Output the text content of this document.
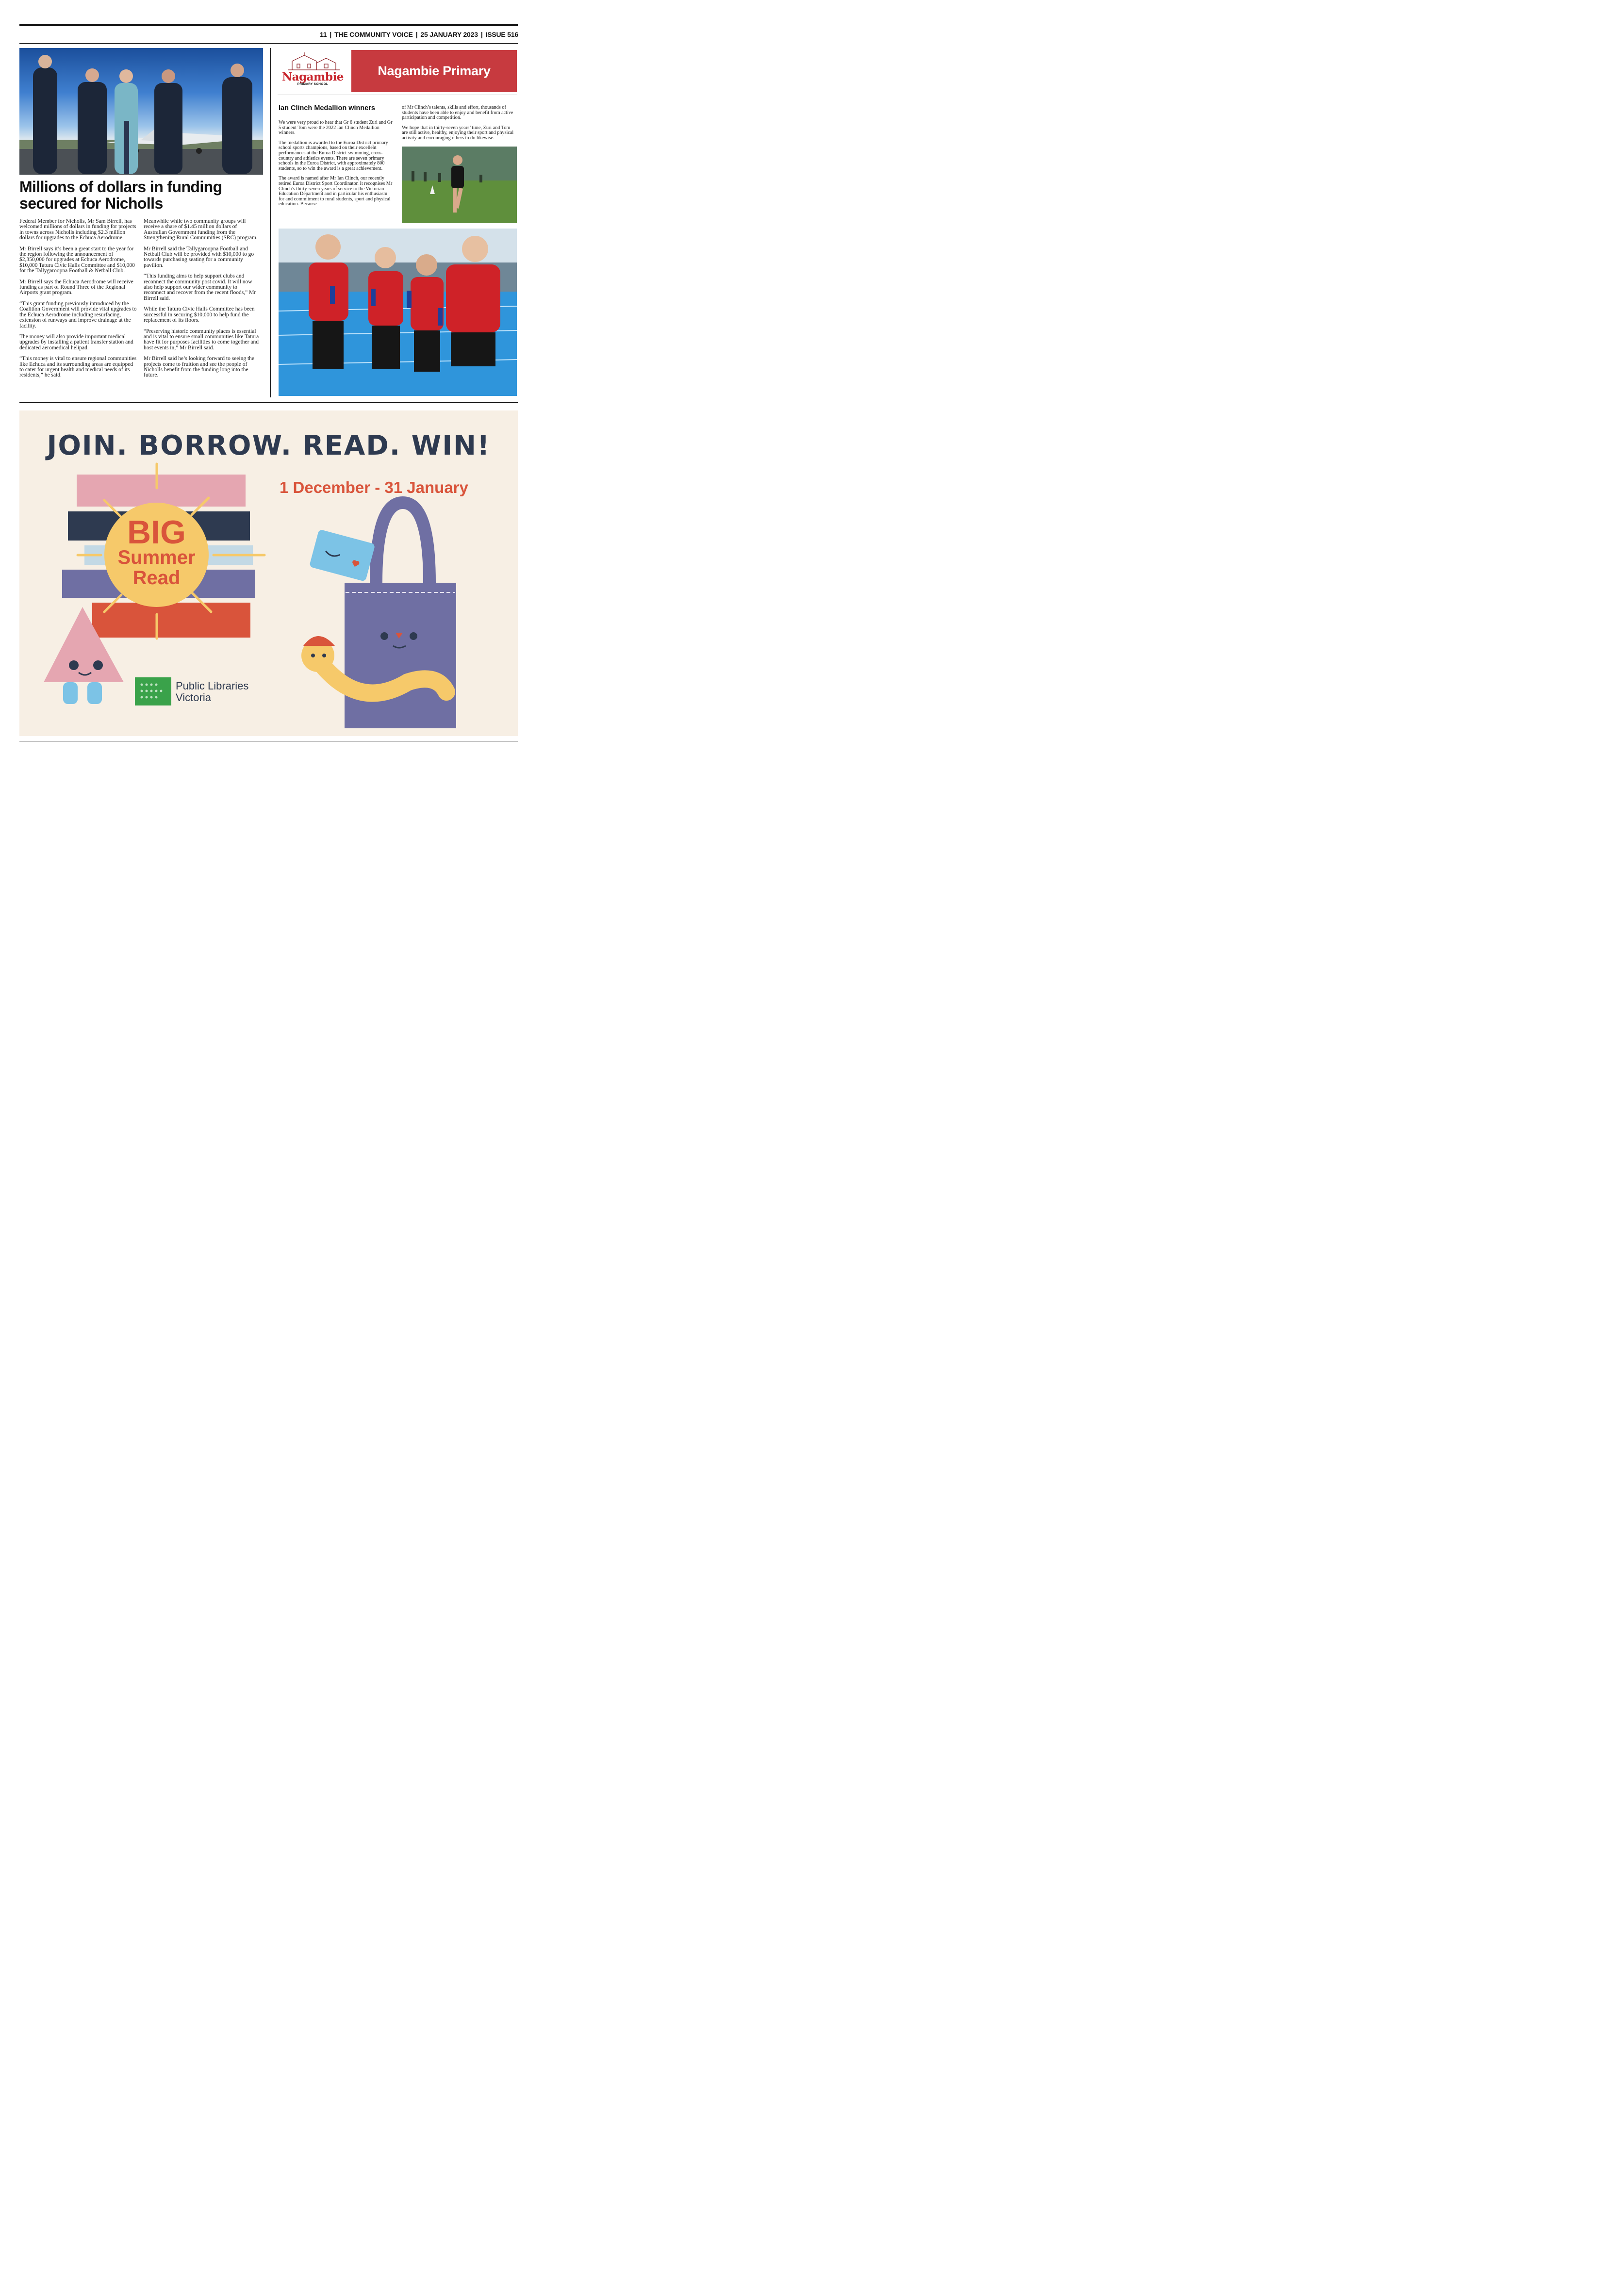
11 | THE COMMUNITY VOICE | 25 JANUARY 2023 | ISSUE 516
Millions of dollars in funding secured for Nicholls

Federal Member for Nicholls, Mr Sam Birrell, has welcomed millions of dollars in funding for projects in towns across Nicholls including $2.3 million dollars for upgrades to the Echuca Aerodrome.

Mr Birrell says it’s been a great start to the year for the region following the announcement of $2,350,000 for upgrades at Echuca Aerodrome, $10,000 Tatura Civic Halls Committee and $10,000 for the Tallygaroopna Football & Netball Club.

Mr Birrell says the Echuca Aerodrome will receive funding as part of Round Three of the Regional Airports grant program.

“This grant funding previously introduced by the Coalition Government will provide vital upgrades to the Echuca Aerodrome including resurfacing, extension of runways and improve drainage at the facility.

The money will also provide important medical upgrades by installing a patient transfer station and dedicated aeromedical helipad.

“This money is vital to ensure regional communities like Echuca and its surrounding areas are equipped to cater for urgent health and medical needs of its residents,” he said.

Meanwhile while two community groups will receive a share of $1.45 million dollars of Australian Government funding from the Strengthening Rural Communities (SRC) program.

Mr Birrell said the Tallygaroopna Football and Netball Club will be provided with $10,000 to go towards purchasing seating for a community pavilion.

“This funding aims to help support clubs and reconnect the community post covid. It will now also help support our wider community to reconnect and recover from the recent floods,” Mr Birrell said.

While the Tatura Civic Halls Committee has been successful in securing $10,000 to help fund the replacement of its floors.

“Preserving historic community places is essential and is vital to ensure small communities like Tatura have fit for purposes facilities to come together and host events in,” Mr Birrell said.

Mr Birrell said he’s looking forward to seeing the projects come to fruition and see the people of Nicholls benefit from the funding long into the future.

Nagambie
PRIMARY SCHOOL
Nagambie Primary
Ian Clinch Medallion winners

We were very proud to hear that Gr 6 student Zuri and Gr 5 student Tom were the 2022 Ian Clinch Medallion winners.

The medallion is awarded to the Euroa District primary school sports champions, based on their excellent performances at the Euroa District swimming, cross-country and athletics events. There are seven primary schools in the Euroa District, with approximately 800 students, so to win the award is a great achievement.

The award is named after Mr Ian Clinch, our recently retired Euroa District Sport Coordinator. It recognises Mr Clinch’s thirty-seven years of service to the Victorian Education Department and in particular his enthusiasm for and commitment to rural students, sport and physical education. Because

of Mr Clinch’s talents, skills and effort, thousands of students have been able to enjoy and benefit from active participation and competition.

We hope that in thirty-seven years’ time, Zuri and Tom are still active, healthy, enjoying their sport and physical activity and encouraging others to do likewise.

JOIN. BORROW. READ. WIN!
1 December - 31 January
BIG
Summer
Read
Public Libraries
Victoria
